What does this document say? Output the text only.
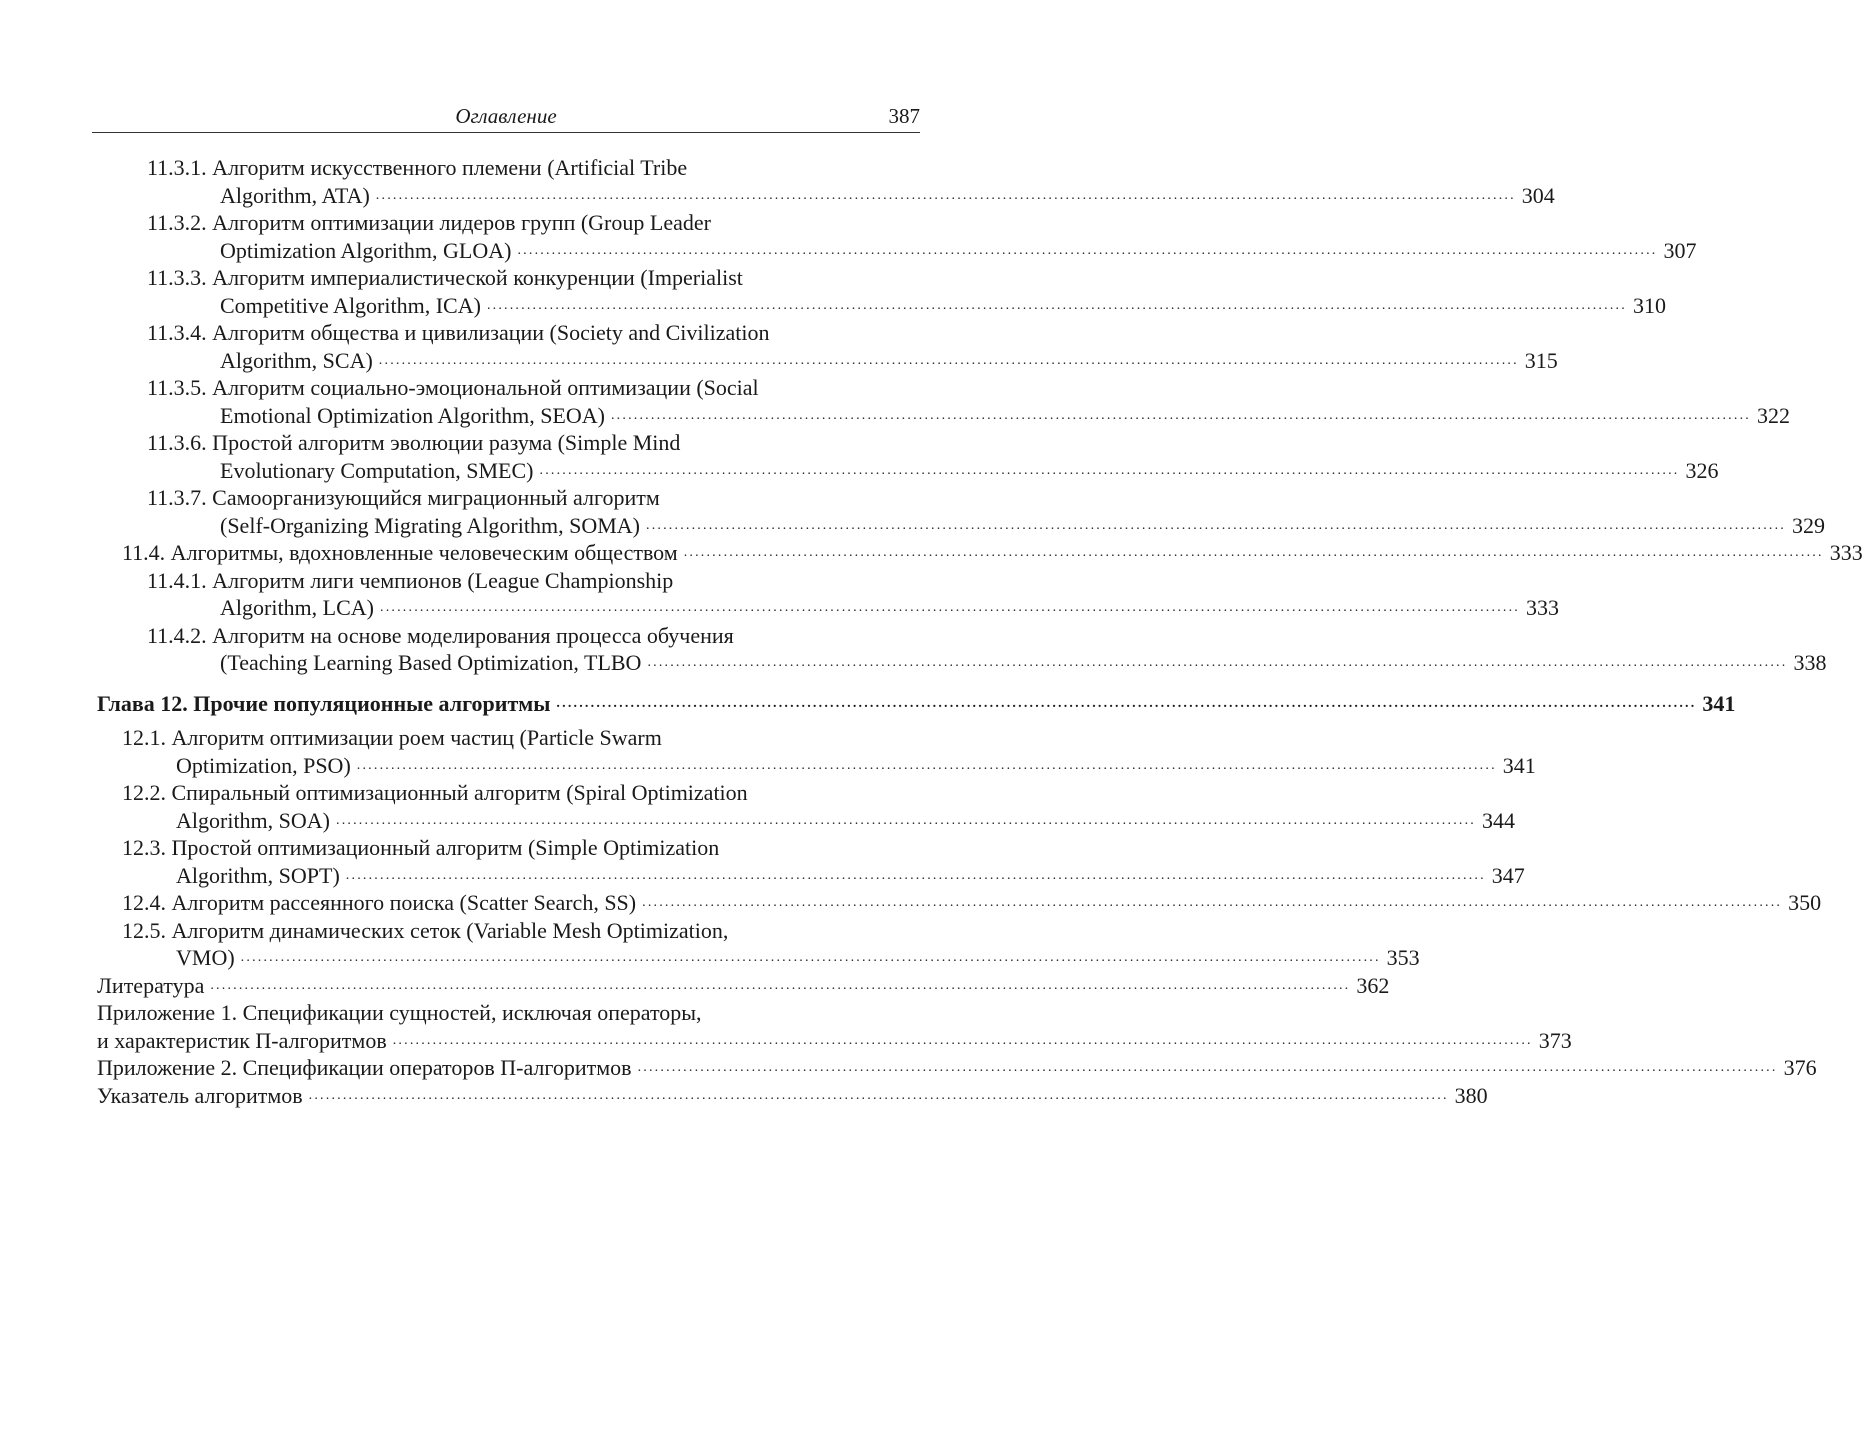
Оглавление	387
11.3.1. Алгоритм искусственного племени (Artificial Tribe
Algorithm, ATA) ........................................................................................................................................................................................................ 304
11.3.2. Алгоритм оптимизации лидеров групп (Group Leader
Optimization Algorithm, GLOA) ........................................................................................................................................................................................................ 307
11.3.3. Алгоритм империалистической конкуренции (Imperialist
Competitive Algorithm, ICA) ........................................................................................................................................................................................................ 310
11.3.4. Алгоритм общества и цивилизации (Society and Civilization
Algorithm, SCA) ........................................................................................................................................................................................................ 315
11.3.5. Алгоритм социально-эмоциональной оптимизации (Social
Emotional Optimization Algorithm, SEOA) ........................................................................................................................................................................................................ 322
11.3.6. Простой алгоритм эволюции разума (Simple Mind
Evolutionary Computation, SMEC) ........................................................................................................................................................................................................ 326
11.3.7. Самоорганизующийся миграционный алгоритм
(Self-Organizing Migrating Algorithm, SOMA) ........................................................................................................................................................................................................ 329
11.4. Алгоритмы, вдохновленные человеческим обществом ........................................................................................................................................................................................................ 333
11.4.1. Алгоритм лиги чемпионов (League Championship
Algorithm, LCA) ........................................................................................................................................................................................................ 333
11.4.2. Алгоритм на основе моделирования процесса обучения
(Teaching Learning Based Optimization, TLBO ........................................................................................................................................................................................................ 338
Глава 12. Прочие популяционные алгоритмы ........................................................................................................................................................................................................ 341
12.1. Алгоритм оптимизации роем частиц (Particle Swarm
Optimization, PSO) ........................................................................................................................................................................................................ 341
12.2. Спиральный оптимизационный алгоритм (Spiral Optimization
Algorithm, SOA) ........................................................................................................................................................................................................ 344
12.3. Простой оптимизационный алгоритм (Simple Optimization
Algorithm, SOPT) ........................................................................................................................................................................................................ 347
12.4. Алгоритм рассеянного поиска (Scatter Search, SS) ........................................................................................................................................................................................................ 350
12.5. Алгоритм динамических сеток (Variable Mesh Optimization,
VMO) ........................................................................................................................................................................................................ 353
Литература ........................................................................................................................................................................................................ 362
Приложение 1. Спецификации сущностей, исключая операторы,
и характеристик П-алгоритмов ........................................................................................................................................................................................................ 373
Приложение 2. Спецификации операторов П-алгоритмов ........................................................................................................................................................................................................ 376
Указатель алгоритмов ........................................................................................................................................................................................................ 380
